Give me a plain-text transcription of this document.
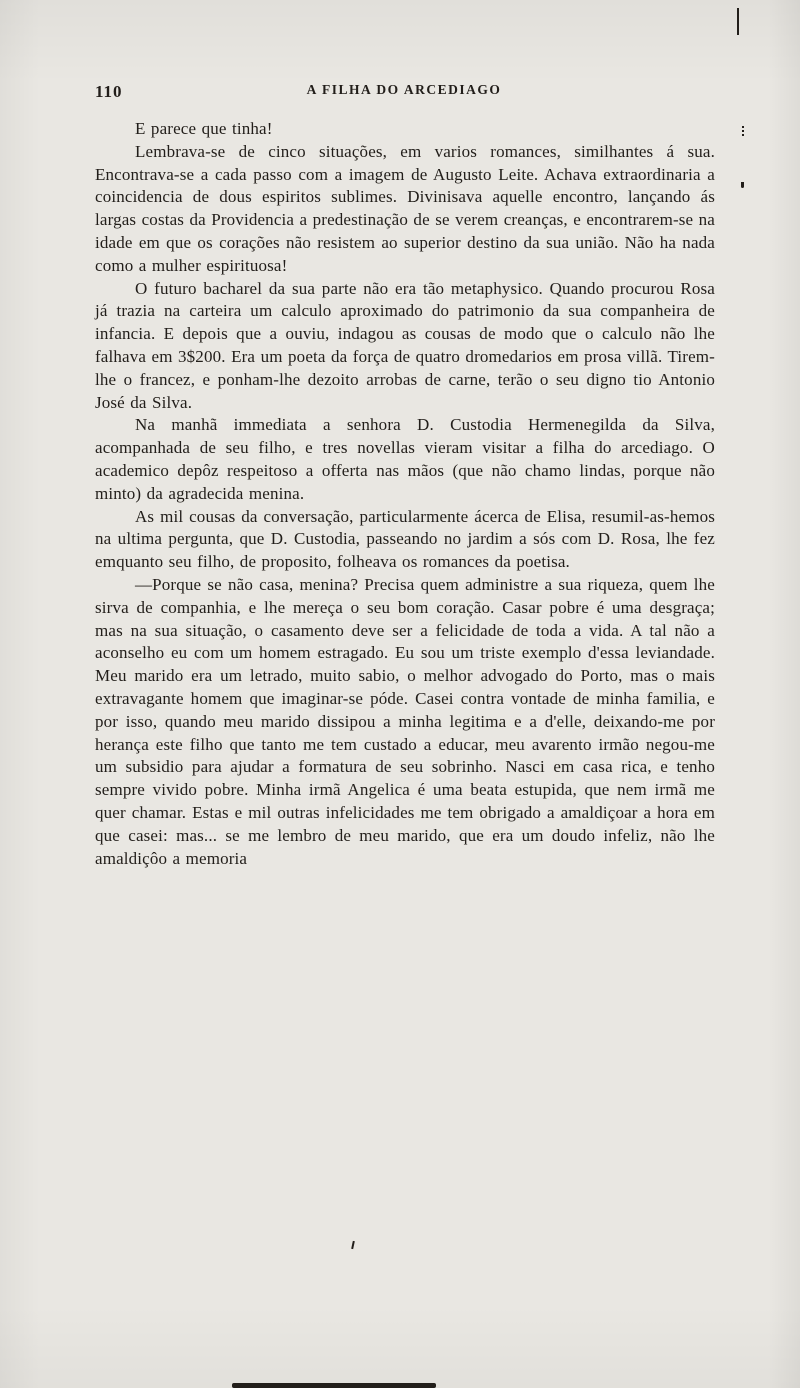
110	A FILHA DO ARCEDIAGO

E parece que tinha!

Lembrava-se de cinco situações, em varios romances, similhantes á sua. Encontrava-se a cada passo com a imagem de Augusto Leite. Achava extraordinaria a coincidencia de dous espiritos sublimes. Divinisava aquelle encontro, lançando ás largas costas da Providencia a predestinação de se verem creanças, e encontrarem-se na idade em que os corações não resistem ao superior destino da sua união. Não ha nada como a mulher espirituosa!

O futuro bacharel da sua parte não era tão metaphysico. Quando procurou Rosa já trazia na carteira um calculo aproximado do patrimonio da sua companheira de infancia. E depois que a ouviu, indagou as cousas de modo que o calculo não lhe falhava em 3$200. Era um poeta da força de quatro dromedarios em prosa villã. Tirem-lhe o francez, e ponham-lhe dezoito arrobas de carne, terão o seu digno tio Antonio José da Silva.

Na manhã immediata a senhora D. Custodia Hermenegilda da Silva, acompanhada de seu filho, e tres novellas vieram visitar a filha do arcediago. O academico depôz respeitoso a offerta nas mãos (que não chamo lindas, porque não minto) da agradecida menina.

As mil cousas da conversação, particularmente ácerca de Elisa, resumil-as-hemos na ultima pergunta, que D. Custodia, passeando no jardim a sós com D. Rosa, lhe fez emquanto seu filho, de proposito, folheava os romances da poetisa.

—Porque se não casa, menina? Precisa quem administre a sua riqueza, quem lhe sirva de companhia, e lhe mereça o seu bom coração. Casar pobre é uma desgraça; mas na sua situação, o casamento deve ser a felicidade de toda a vida. A tal não a aconselho eu com um homem estragado. Eu sou um triste exemplo d'essa leviandade. Meu marido era um letrado, muito sabio, o melhor advogado do Porto, mas o mais extravagante homem que imaginar-se póde. Casei contra vontade de minha familia, e por isso, quando meu marido dissipou a minha legitima e a d'elle, deixando-me por herança este filho que tanto me tem custado a educar, meu avarento irmão negou-me um subsidio para ajudar a formatura de seu sobrinho. Nasci em casa rica, e tenho sempre vivido pobre. Minha irmã Angelica é uma beata estupida, que nem irmã me quer chamar. Estas e mil outras infelicidades me tem obrigado a amaldiçoar a hora em que casei: mas... se me lembro de meu marido, que era um doudo infeliz, não lhe amaldiçôo a memoria
